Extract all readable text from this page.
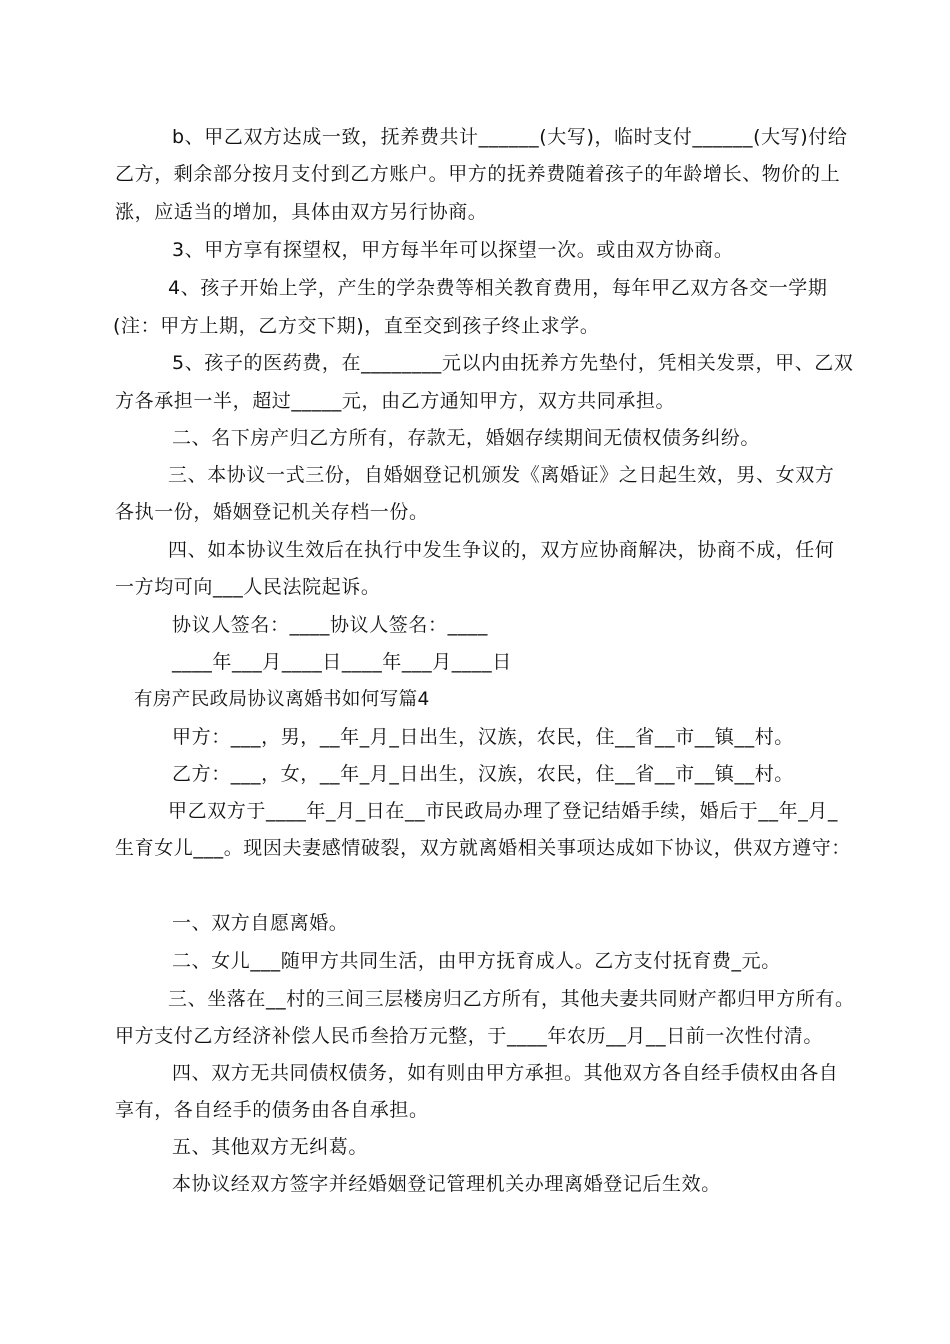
b、甲乙双方达成一致，抚养费共计______(大写)，临时支付______(大写)付给
乙方，剩余部分按月支付到乙方账户。甲方的抚养费随着孩子的年龄增长、物价的上
涨，应适当的增加，具体由双方另行协商。
3、甲方享有探望权，甲方每半年可以探望一次。或由双方协商。
4、孩子开始上学，产生的学杂费等相关教育费用，每年甲乙双方各交一学期
(注：甲方上期，乙方交下期)，直至交到孩子终止求学。
5、孩子的医药费，在________元以内由抚养方先垫付，凭相关发票，甲、乙双
方各承担一半，超过_____元，由乙方通知甲方，双方共同承担。
二、名下房产归乙方所有，存款无，婚姻存续期间无债权债务纠纷。
三、本协议一式三份，自婚姻登记机颁发《离婚证》之日起生效，男、女双方
各执一份，婚姻登记机关存档一份。
四、如本协议生效后在执行中发生争议的，双方应协商解决，协商不成，任何
一方均可向___人民法院起诉。
协议人签名：____协议人签名：____
____年___月____日____年___月____日
有房产民政局协议离婚书如何写篇4
甲方：___，男，__年_月_日出生，汉族，农民，住__省__市__镇__村。
乙方：___，女，__年_月_日出生，汉族，农民，住__省__市__镇__村。
甲乙双方于____年_月_日在__市民政局办理了登记结婚手续，婚后于__年_月_
生育女儿___。现因夫妻感情破裂，双方就离婚相关事项达成如下协议，供双方遵守：
一、双方自愿离婚。
二、女儿___随甲方共同生活，由甲方抚育成人。乙方支付抚育费_元。
三、坐落在__村的三间三层楼房归乙方所有，其他夫妻共同财产都归甲方所有。
甲方支付乙方经济补偿人民币叁拾万元整，于____年农历__月__日前一次性付清。
四、双方无共同债权债务，如有则由甲方承担。其他双方各自经手债权由各自
享有，各自经手的债务由各自承担。
五、其他双方无纠葛。
本协议经双方签字并经婚姻登记管理机关办理离婚登记后生效。
